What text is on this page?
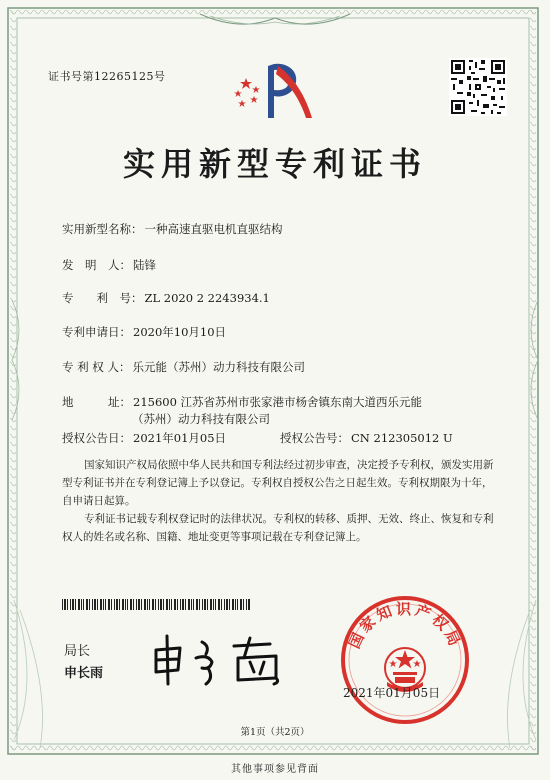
证书号第12265125号
实用新型专利证书
实用新型名称： 一种高速直驱电机直驱结构
发　明　人： 陆锋
专　　利　号： ZL 2020 2 2243934.1
专利申请日： 2020年10月10日
专 利 权 人： 乐元能（苏州）动力科技有限公司
地　　　址： 215600 江苏省苏州市张家港市杨舍镇东南大道西乐元能
（苏州）动力科技有限公司
授权公告日： 2021年01月05日	授权公告号： CN 212305012 U
国家知识产权局依照中华人民共和国专利法经过初步审查，决定授予专利权，颁发实用新型专利证书并在专利登记簿上予以登记。专利权自授权公告之日起生效。专利权期限为十年，自申请日起算。
专利证书记载专利权登记时的法律状况。专利权的转移、质押、无效、终止、恢复和专利权人的姓名或名称、国籍、地址变更等事项记载在专利登记簿上。
局长
申长雨
国家知识产权局
2021年01月05日
第1页（共2页）
其他事项参见背面
